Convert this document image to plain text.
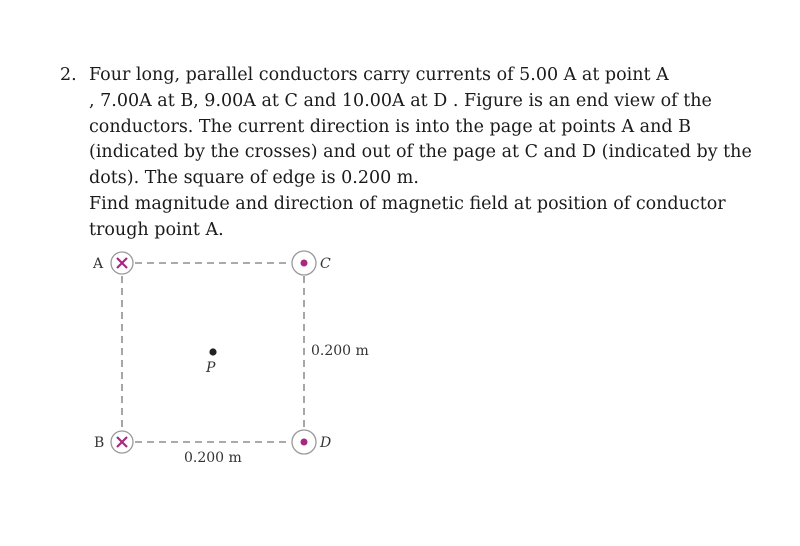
2. Four long, parallel conductors carry currents of 5.00 A at point A
, 7.00A at B, 9.00A at C and 10.00A at D . Figure is an end view of the
conductors. The current direction is into the page at points A and B
(indicated by the crosses) and out of the page at C and D (indicated by the
dots). The square of edge is 0.200 m.
Find magnitude and direction of magnetic field at position of conductor
trough point A.
A
B
C
D
P
0.200 m
0.200 m
